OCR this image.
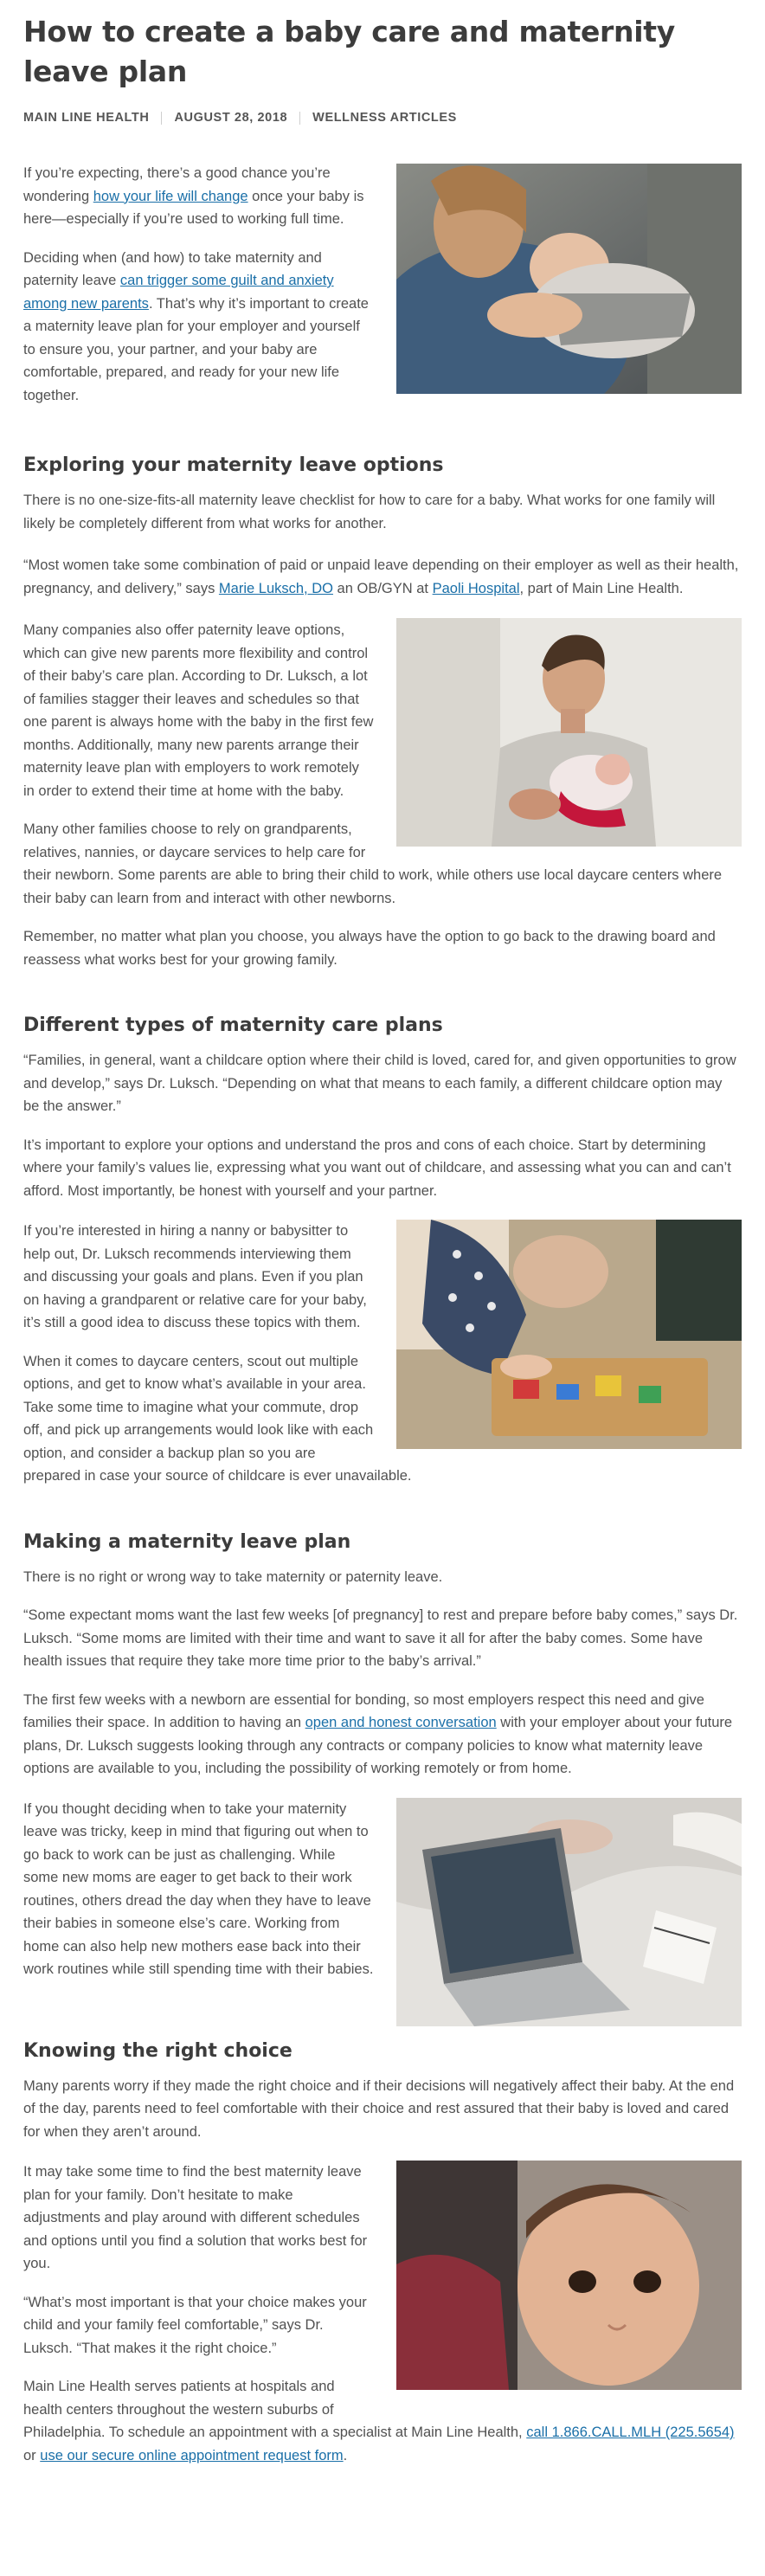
How to create a baby care and maternity leave plan
MAIN LINE HEALTH AUGUST 28, 2018 WELLNESS ARTICLES

If you’re expecting, there’s a good chance you’re wondering how your life will change once your baby is here—especially if you’re used to working full time.

Deciding when (and how) to take maternity and paternity leave can trigger some guilt and anxiety among new parents. That’s why it’s important to create a maternity leave plan for your employer and yourself to ensure you, your partner, and your baby are comfortable, prepared, and ready for your new life together.

Exploring your maternity leave options

There is no one-size-fits-all maternity leave checklist for how to care for a baby. What works for one family will likely be completely different from what works for another.

“Most women take some combination of paid or unpaid leave depending on their employer as well as their health, pregnancy, and delivery,” says Marie Luksch, DO an OB/GYN at Paoli Hospital, part of Main Line Health.

Many companies also offer paternity leave options, which can give new parents more flexibility and control of their baby’s care plan. According to Dr. Luksch, a lot of families stagger their leaves and schedules so that one parent is always home with the baby in the first few months. Additionally, many new parents arrange their maternity leave plan with employers to work remotely in order to extend their time at home with the baby.

Many other families choose to rely on grandparents, relatives, nannies, or daycare services to help care for their newborn. Some parents are able to bring their child to work, while others use local daycare centers where their baby can learn from and interact with other newborns.

Remember, no matter what plan you choose, you always have the option to go back to the drawing board and reassess what works best for your growing family.

Different types of maternity care plans

“Families, in general, want a childcare option where their child is loved, cared for, and given opportunities to grow and develop,” says Dr. Luksch. “Depending on what that means to each family, a different childcare option may be the answer.”

It’s important to explore your options and understand the pros and cons of each choice. Start by determining where your family’s values lie, expressing what you want out of childcare, and assessing what you can and can’t afford. Most importantly, be honest with yourself and your partner.

If you’re interested in hiring a nanny or babysitter to help out, Dr. Luksch recommends interviewing them and discussing your goals and plans. Even if you plan on having a grandparent or relative care for your baby, it’s still a good idea to discuss these topics with them.

When it comes to daycare centers, scout out multiple options, and get to know what’s available in your area. Take some time to imagine what your commute, drop off, and pick up arrangements would look like with each option, and consider a backup plan so you are prepared in case your source of childcare is ever unavailable.

Making a maternity leave plan

There is no right or wrong way to take maternity or paternity leave.

“Some expectant moms want the last few weeks [of pregnancy] to rest and prepare before baby comes,” says Dr. Luksch. “Some moms are limited with their time and want to save it all for after the baby comes. Some have health issues that require they take more time prior to the baby’s arrival.”

The first few weeks with a newborn are essential for bonding, so most employers respect this need and give families their space. In addition to having an open and honest conversation with your employer about your future plans, Dr. Luksch suggests looking through any contracts or company policies to know what maternity leave options are available to you, including the possibility of working remotely or from home.

If you thought deciding when to take your maternity leave was tricky, keep in mind that figuring out when to go back to work can be just as challenging. While some new moms are eager to get back to their work routines, others dread the day when they have to leave their babies in someone else’s care. Working from home can also help new mothers ease back into their work routines while still spending time with their babies.

Knowing the right choice

Many parents worry if they made the right choice and if their decisions will negatively affect their baby. At the end of the day, parents need to feel comfortable with their choice and rest assured that their baby is loved and cared for when they aren’t around.

It may take some time to find the best maternity leave plan for your family. Don’t hesitate to make adjustments and play around with different schedules and options until you find a solution that works best for you.

“What’s most important is that your choice makes your child and your family feel comfortable,” says Dr. Luksch. “That makes it the right choice.”

Main Line Health serves patients at hospitals and health centers throughout the western suburbs of Philadelphia. To schedule an appointment with a specialist at Main Line Health, call 1.866.CALL.MLH (225.5654) or use our secure online appointment request form.
